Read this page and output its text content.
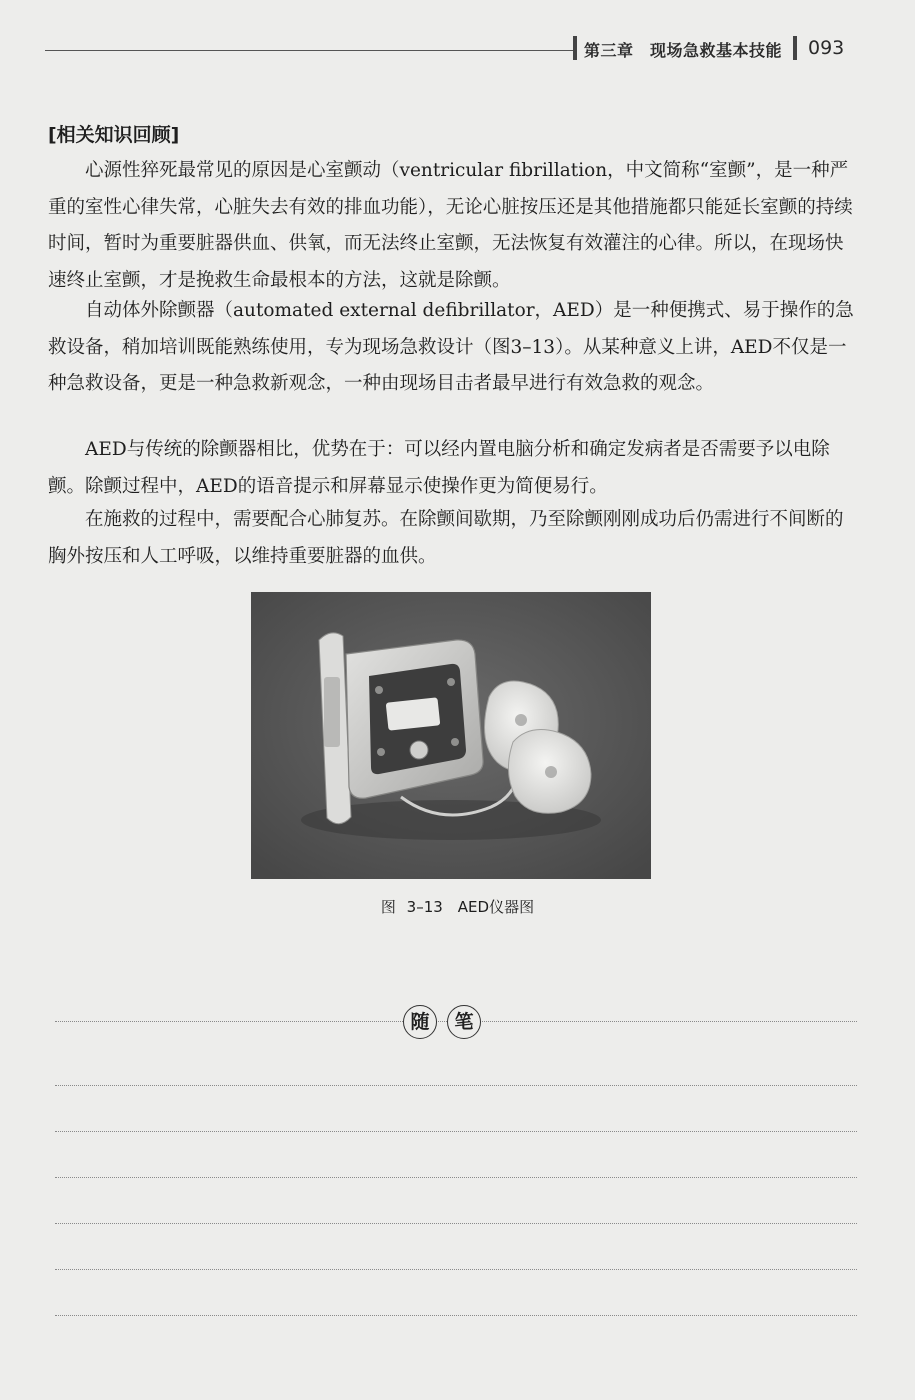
第三章　现场急救基本技能 093
[相关知识回顾]

心源性猝死最常见的原因是心室颤动（ventricular fibrillation，中文简称“室颤”，是一种严重的室性心律失常，心脏失去有效的排血功能），无论心脏按压还是其他措施都只能延长室颤的持续时间，暂时为重要脏器供血、供氧，而无法终止室颤，无法恢复有效灌注的心律。所以，在现场快速终止室颤，才是挽救生命最根本的方法，这就是除颤。

自动体外除颤器（automated external defibrillator，AED）是一种便携式、易于操作的急救设备，稍加培训既能熟练使用，专为现场急救设计（图3–13）。从某种意义上讲，AED不仅是一种急救设备，更是一种急救新观念，一种由现场目击者最早进行有效急救的观念。

AED与传统的除颤器相比，优势在于：可以经内置电脑分析和确定发病者是否需要予以电除颤。除颤过程中，AED的语音提示和屏幕显示使操作更为简便易行。

在施救的过程中，需要配合心肺复苏。在除颤间歇期，乃至除颤刚刚成功后仍需进行不间断的胸外按压和人工呼吸，以维持重要脏器的血供。

图 3–13　AED仪器图
随	笔
